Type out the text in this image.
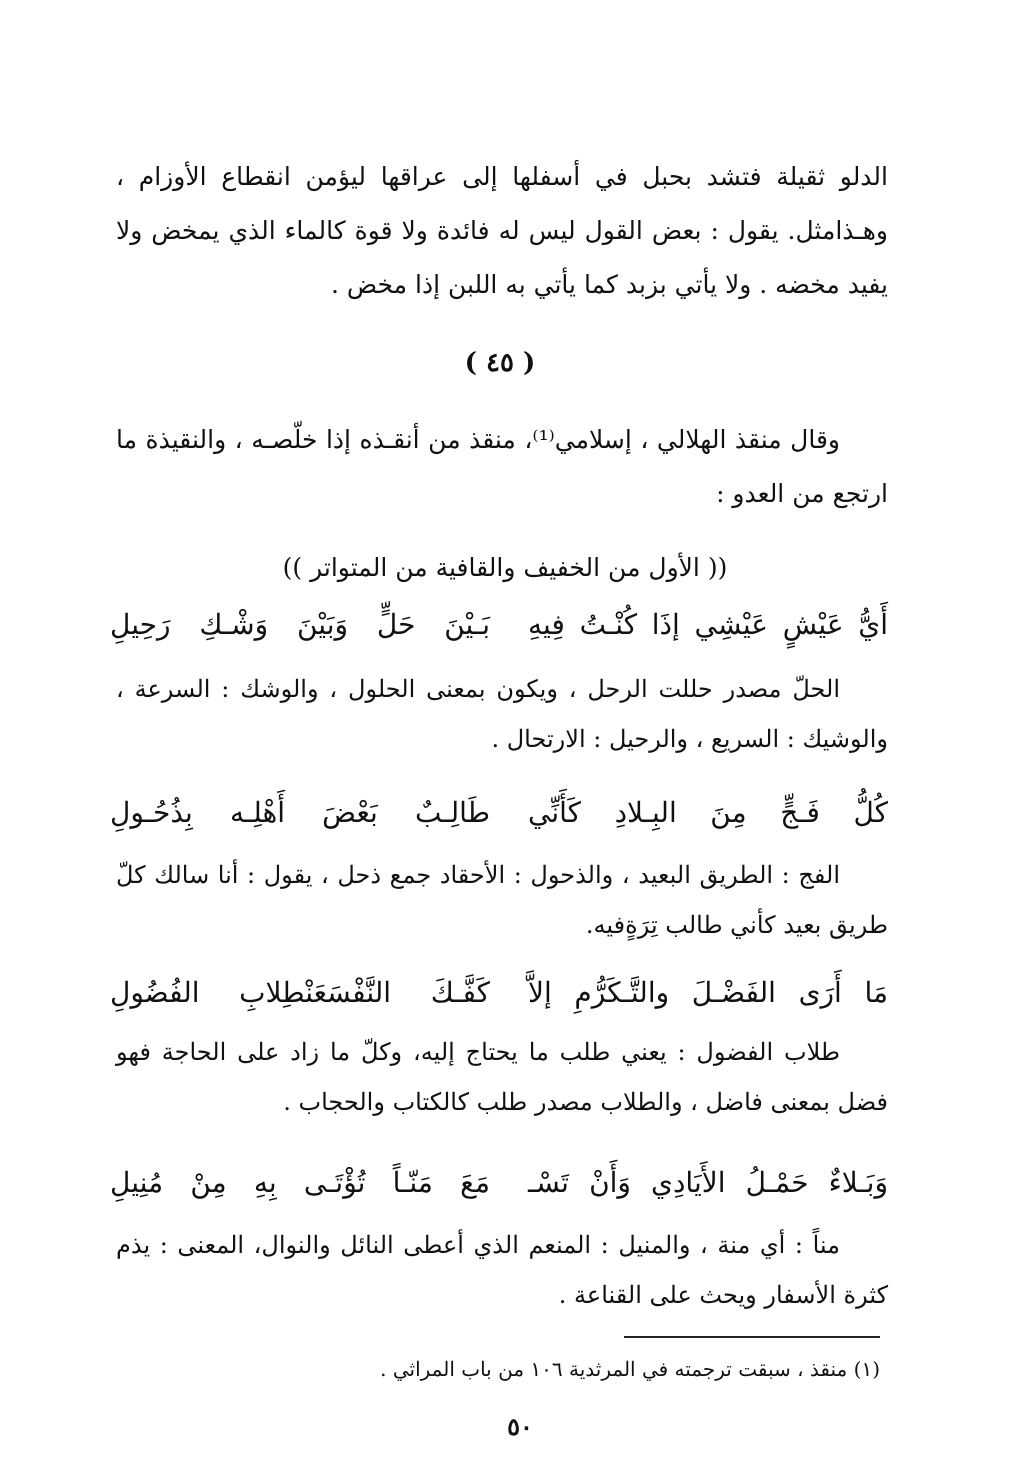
الدلو ثقيلة فتشد بحبل في أسفلها إلى عراقها ليؤمن انقطاع الأوزام ، وهـذامثل. يقول : بعض القول ليس له فائدة ولا قوة كالماء الذي يمخض ولا يفيد مخضه . ولا يأتي بزبد كما يأتي به اللبن إذا مخض .

( ٤٥ )

وقال منقذ الهلالي ، إسلامي⁽¹⁾، منقذ من أنقـذه إذا خلّصـه ، والنقيذة ما ارتجع من العدو :

(( الأول من الخفيف والقافية من المتواتر ))
أَيُّ عَيْشٍ عَيْشِي إذَا كُنْـتُ فِيهِ
بَـيْنَ حَلٍّ وَبَيْنَ وَشْـكِ رَحِيلِ

الحلّ مصدر حللت الرحل ، ويكون بمعنى الحلول ، والوشك : السرعة ، والوشيك : السريع ، والرحيل : الارتحال .

كُلُّ فَـجٍّ مِنَ البِـلادِ كَأَنِّي
طَالِـبٌ بَعْضَ أَهْلِـه بِذُحُـولِ

الفج : الطريق البعيد ، والذحول : الأحقاد جمع ذحل ، يقول : أنا سالك كلّ طريق بعيد كأني طالب تِرَةٍفيه.

مَا أَرَى الفَضْـلَ والتَّـكَرُّمِ إلاَّ
كَفَّـكَ النَّفْسَعَنْطِلابِ الفُضُولِ

طلاب الفضول : يعني طلب ما يحتاج إليه، وكلّ ما زاد على الحاجة فهو فضل بمعنى فاضل ، والطلاب مصدر طلب كالكتاب والحجاب .

وَبَـلاءٌ حَمْـلُ الأَيَادِي وَأَنْ تَسْـ
مَعَ مَنّـاً تُؤْتَـى بِهِ مِنْ مُنِيلِ

مناً : أي منة ، والمنيل : المنعم الذي أعطى النائل والنوال، المعنى : يذم كثرة الأسفار ويحث على القناعة .

(١) منقذ ، سبقت ترجمته في المرثدية ١٠٦ من باب المراثي .

٥٠
